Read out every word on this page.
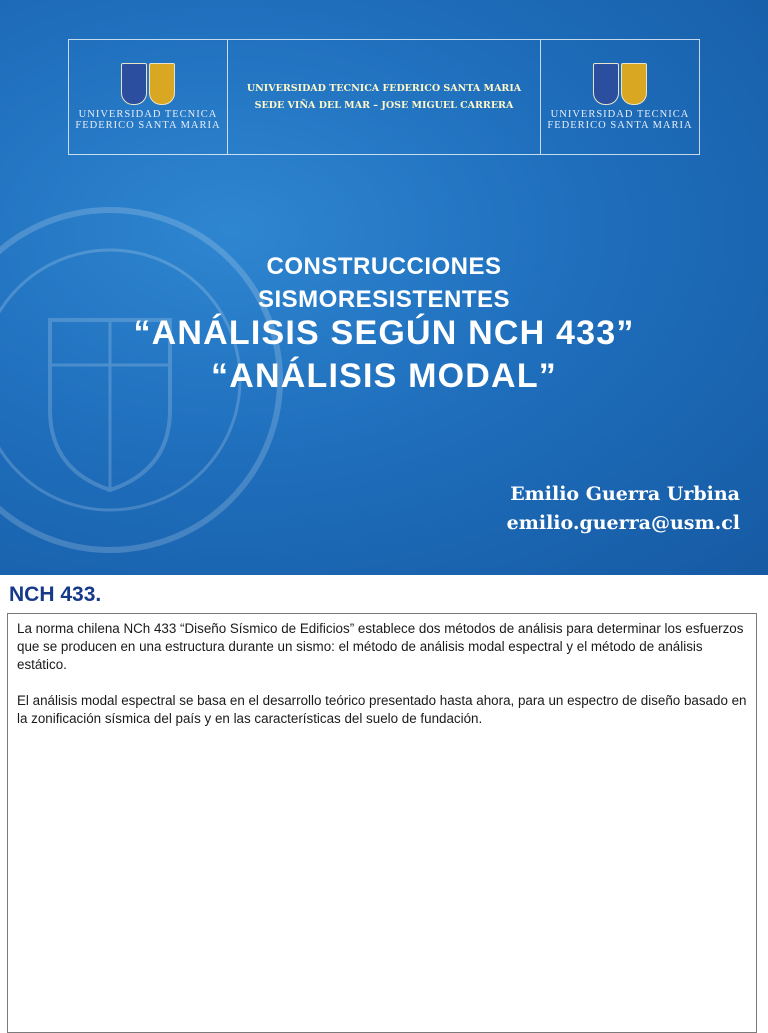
UNIVERSIDAD TECNICA
FEDERICO SANTA MARIA
UNIVERSIDAD TECNICA FEDERICO SANTA MARIA
SEDE VIÑA DEL MAR – JOSE MIGUEL CARRERA
UNIVERSIDAD TECNICA
FEDERICO SANTA MARIA
CONSTRUCCIONES
SISMORESISTENTES
“ANÁLISIS SEGÚN NCH 433”
“ANÁLISIS MODAL”
Emilio Guerra Urbina
emilio.guerra@usm.cl
NCH 433.

La norma chilena NCh 433 “Diseño Sísmico de Edificios” establece dos métodos de análisis para determinar los esfuerzos que se producen en una estructura durante un sismo: el método de análisis modal espectral y el método de análisis estático.

El análisis modal espectral se basa en el desarrollo teórico presentado hasta ahora, para un espectro de diseño basado en la zonificación sísmica del país y en las características del suelo de fundación.
